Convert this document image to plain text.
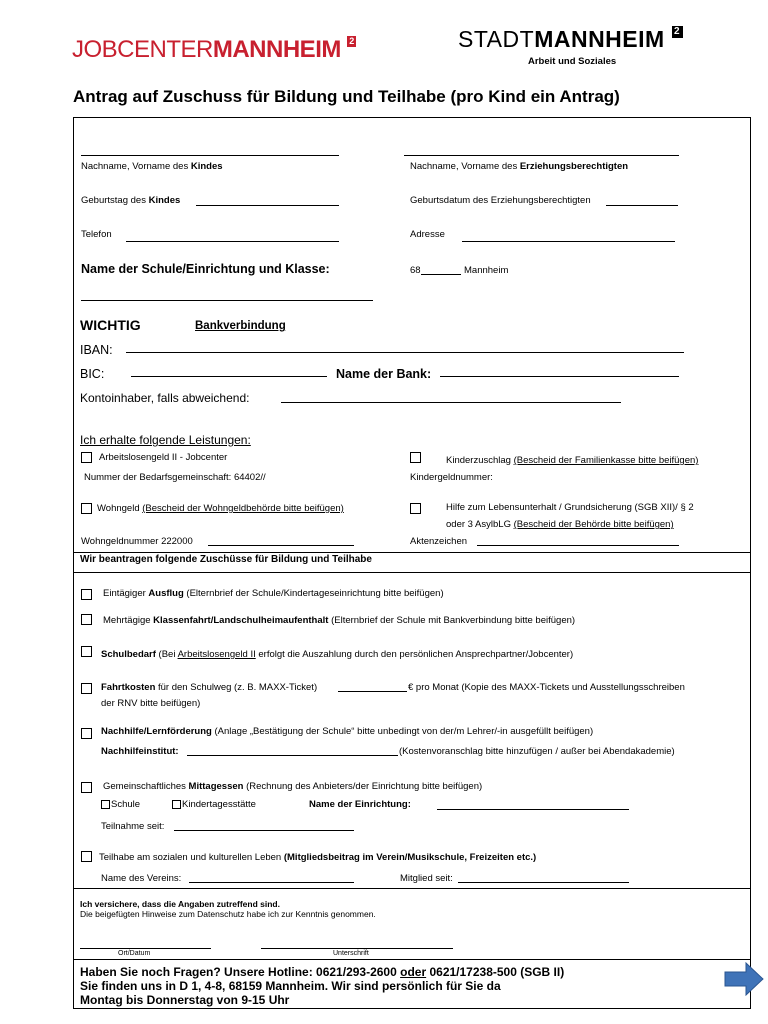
JOBCENTERMANNHEIM 2	STADTMANNHEIM 2
Arbeit und Soziales
Antrag auf Zuschuss für Bildung und Teilhabe (pro Kind ein Antrag)
Nachname, Vorname des Kindes	Nachname, Vorname des Erziehungsberechtigten
Geburtstag des Kindes	Geburtsdatum des Erziehungsberechtigten
Telefon	Adresse
Name der Schule/Einrichtung und Klasse:	68	Mannheim
WICHTIG	Bankverbindung
IBAN:
BIC:	Name der Bank:
Kontoinhaber, falls abweichend:
Ich erhalte folgende Leistungen:
Arbeitslosengeld II - Jobcenter
Nummer der Bedarfsgemeinschaft: 64402//
Kinderzuschlag (Bescheid der Familienkasse bitte beifügen)
Kindergeldnummer:
Wohngeld (Bescheid der Wohngeldbehörde bitte beifügen)	Hilfe zum Lebensunterhalt / Grundsicherung (SGB XII)/ § 2
oder 3 AsylbLG (Bescheid der Behörde bitte beifügen)
Wohngeldnummer 222000	Aktenzeichen
Wir beantragen folgende Zuschüsse für Bildung und Teilhabe
Eintägiger Ausflug (Elternbrief der Schule/Kindertageseinrichtung bitte beifügen)
Mehrtägige Klassenfahrt/Landschulheimaufenthalt (Elternbrief der Schule mit Bankverbindung bitte beifügen)
Schulbedarf (Bei Arbeitslosengeld II erfolgt die Auszahlung durch den persönlichen Ansprechpartner/Jobcenter)
Fahrtkosten für den Schulweg (z. B. MAXX-Ticket)	€ pro Monat (Kopie des MAXX-Tickets und Ausstellungsschreiben
der RNV bitte beifügen)
Nachhilfe/Lernförderung (Anlage „Bestätigung der Schule“ bitte unbedingt von der/m Lehrer/-in ausgefüllt beifügen)
Nachhilfeinstitut:	(Kostenvoranschlag bitte hinzufügen / außer bei Abendakademie)
Gemeinschaftliches Mittagessen (Rechnung des Anbieters/der Einrichtung bitte beifügen)
Schule	Kindertagesstätte	Name der Einrichtung:
Teilnahme seit:
Teilhabe am sozialen und kulturellen Leben (Mitgliedsbeitrag im Verein/Musikschule, Freizeiten etc.)
Name des Vereins:	Mitglied seit:
Ich versichere, dass die Angaben zutreffend sind.
Die beigefügten Hinweise zum Datenschutz habe ich zur Kenntnis genommen.
Ort/Datum	Unterschrift
Haben Sie noch Fragen? Unsere Hotline: 0621/293-2600 oder 0621/17238-500 (SGB II)
Sie finden uns in D 1, 4-8, 68159 Mannheim. Wir sind persönlich für Sie da
Montag bis Donnerstag von 9-15 Uhr
